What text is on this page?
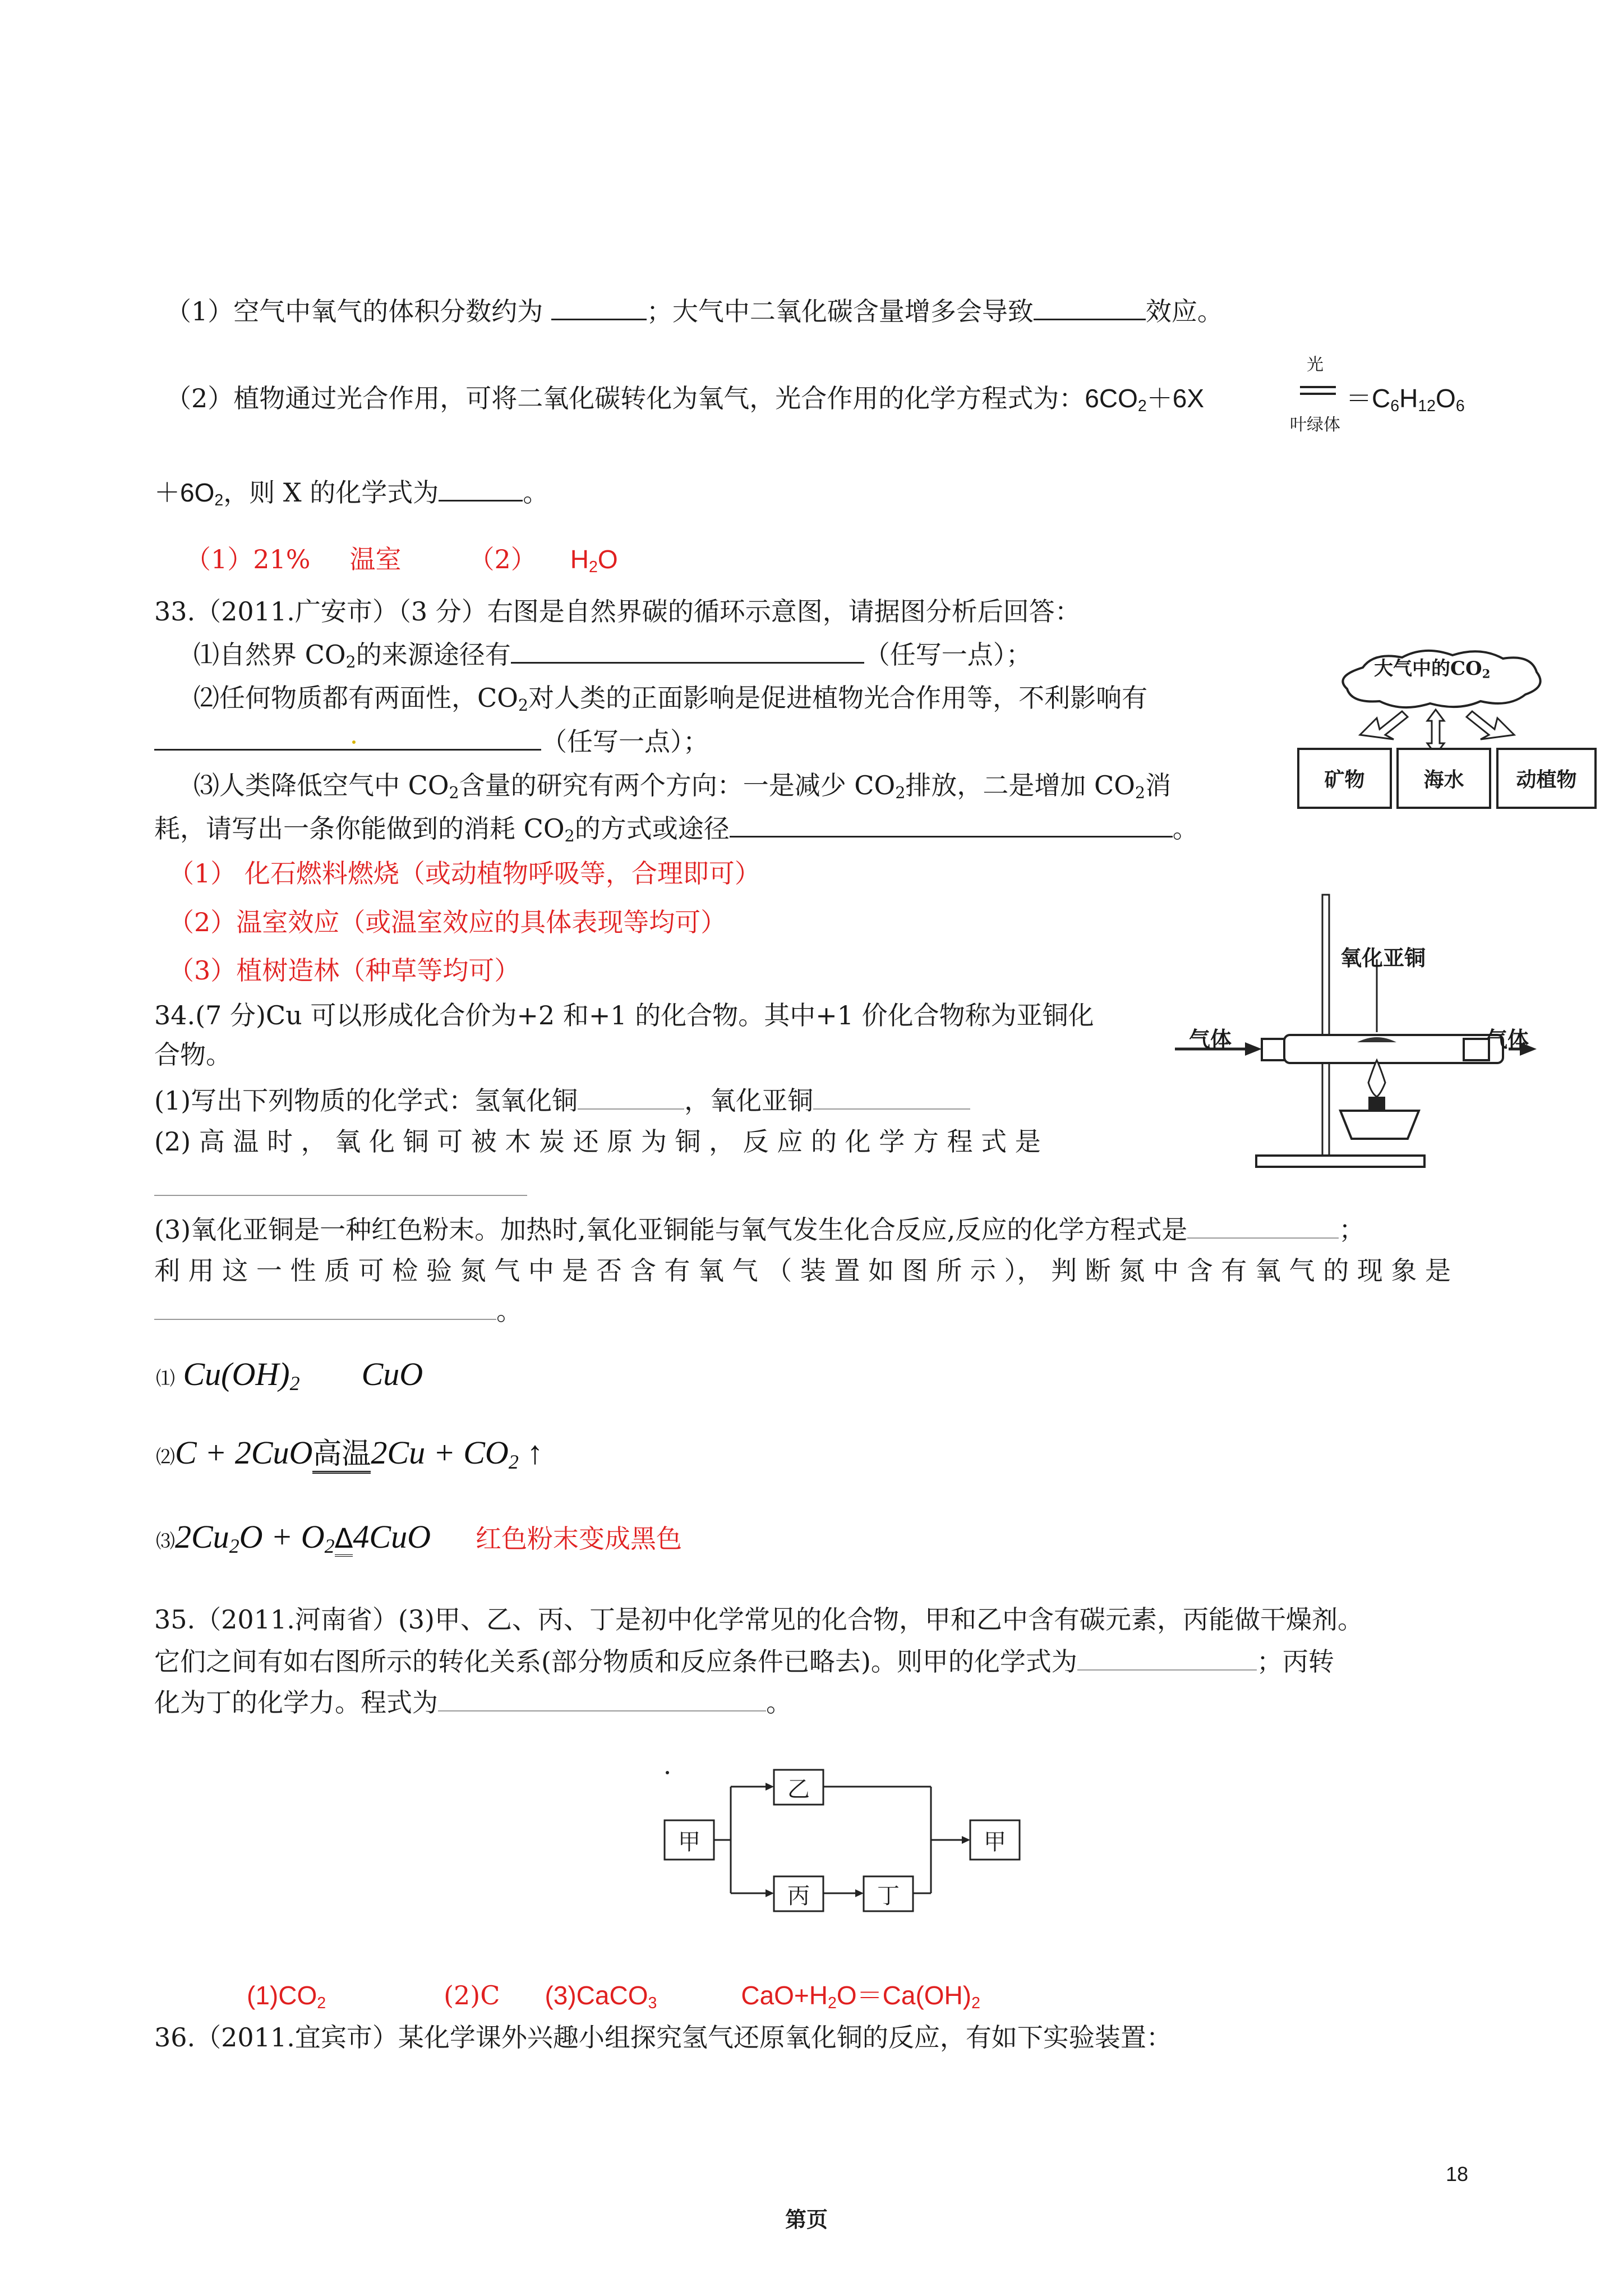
（1）空气中氧气的体积分数约为	；大气中二氧化碳含量增多会导致	效应。
（2）植物通过光合作用，可将二氧化碳转化为氧气，光合作用的化学方程式为：$6CO_2+6X$
光
叶绿体
$=C_6H_{12}O_6$
$+6O_2$，则 X 的化学式为	。
（1）21% 温室	（2） $H_2O$
33.（2011.广安市）（3 分）右图是自然界碳的循环示意图，请据图分析后回答：
⑴自然界 $CO_2$的来源途径有	（任写一点）；
⑵任何物质都有两面性，$CO_2$对人类的正面影响是促进植物光合作用等，不利影响有
（任写一点）；
⑶人类降低空气中 $CO_2$含量的研究有两个方向：一是减少 $CO_2$排放，二是增加 $CO_2$消
耗，请写出一条你能做到的消耗 $CO_2$的方式或途径	。
（1） 化石燃料燃烧（或动植物呼吸等，合理即可）
（2）温室效应（或温室效应的具体表现等均可）
（3）植树造林（种草等均可）
大气中的$CO_2$
矿物	海水	动植物
34.(7 分)Cu 可以形成化合价为+2 和+1 的化合物。其中+1 价化合物称为亚铜化
合物。
(1)写出下列物质的化学式：氢氧化铜	，氧化亚铜
(2) 高 温 时 ， 氧 化 铜 可 被 木 炭 还 原 为 铜 ， 反 应 的 化 学 方 程 式 是
氧化亚铜
气体	气体
(3)氧化亚铜是一种红色粉末。加热时,氧化亚铜能与氧气发生化合反应,反应的化学方程式是	；
利 用 这 一 性 质 可 检 验 氮 气 中 是 否 含 有 氧 气 （ 装 置 如 图 所 示 ）， 判 断 氮 中 含 有 氧 气 的 现 象 是
。
⑴ $Cu(OH)_2$ CuO
⑵C + 2CuO高温$2Cu + CO_2$ ↑
$⑶2Cu_2O + O_2\Delta 4CuO$ 红色粉末变成黑色
35.（2011.河南省）(3)甲、乙、丙、丁是初中化学常见的化合物，甲和乙中含有碳元素，丙能做干燥剂。
它们之间有如右图所示的转化关系(部分物质和反应条件已略去)。则甲的化学式为	；丙转
化为丁的化学力。程式为	。
甲
乙
丙	丁
甲
$(1)CO_2$	(2)C (3)CaCO$_3$	$CaO+H_2O=Ca(OH)_2$
36.（2011.宜宾市）某化学课外兴趣小组探究氢气还原氧化铜的反应，有如下实验装置：
18
第页
